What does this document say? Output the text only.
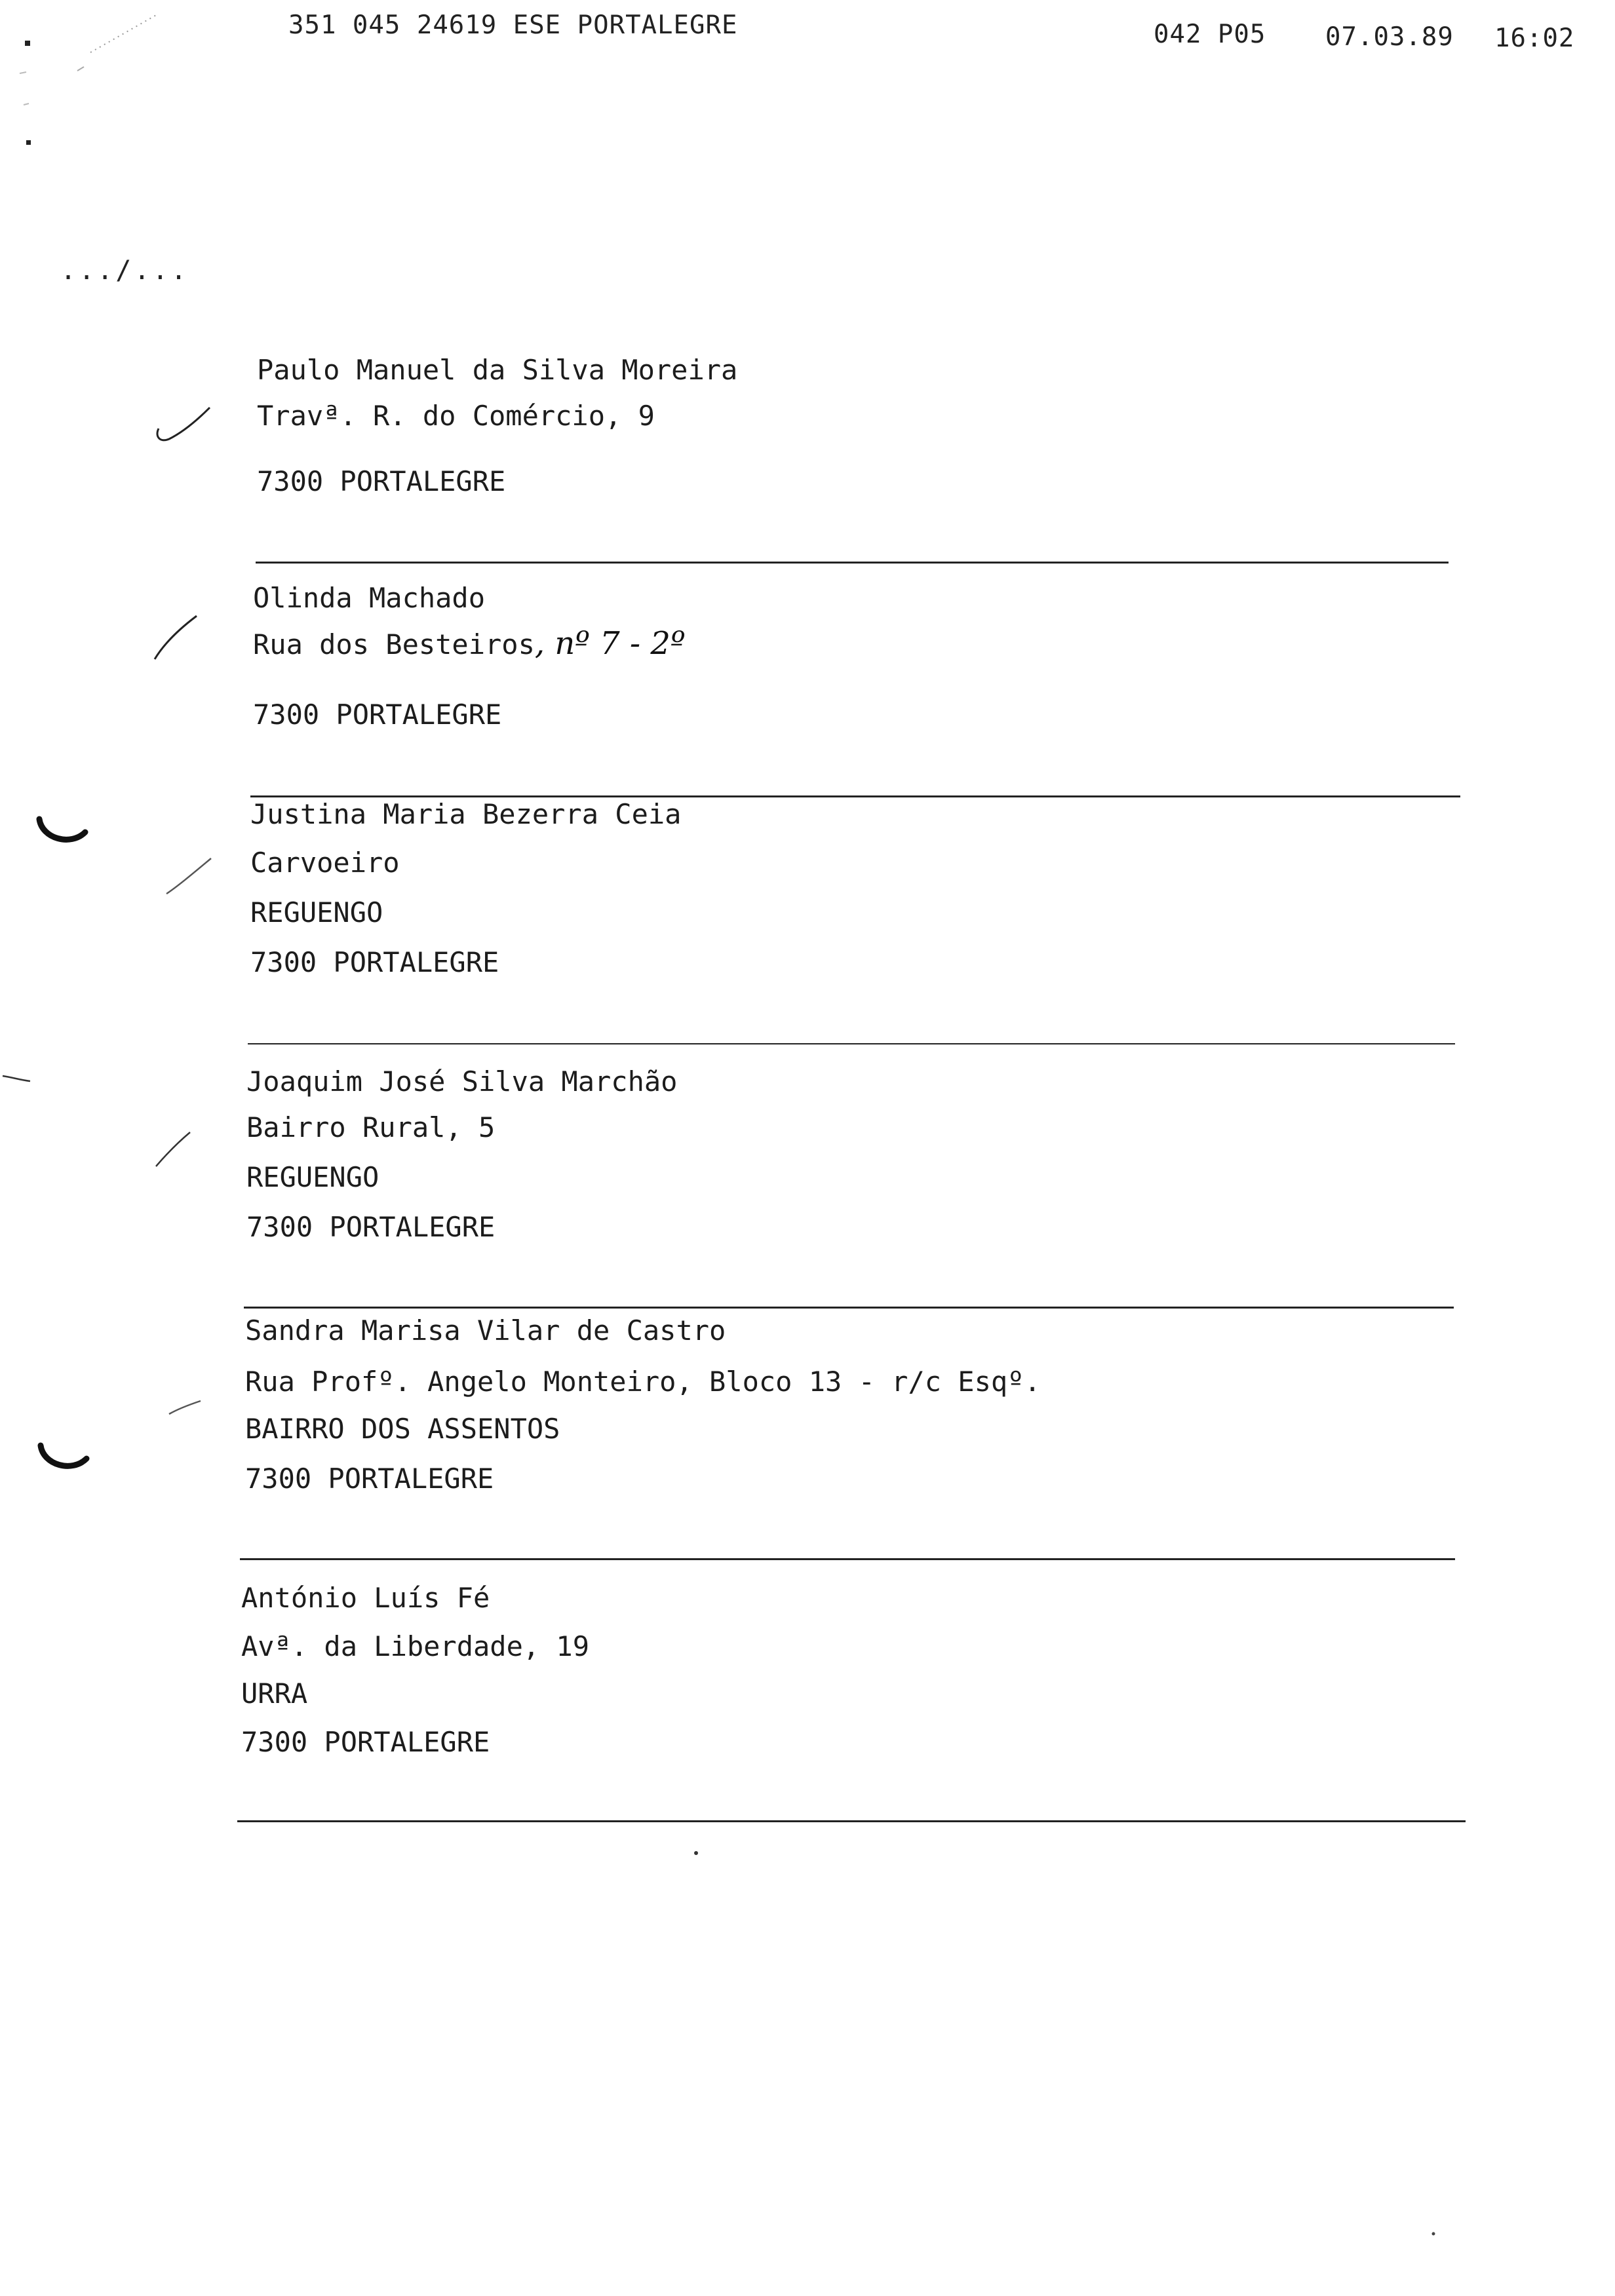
351 045 24619 ESE PORTALEGRE	042 P05 07.03.89 16:02
.../...
Paulo Manuel da Silva Moreira
Travª. R. do Comércio, 9
7300 PORTALEGRE
Olinda Machado
Rua dos Besteiros, nº 7 - 2º
7300 PORTALEGRE
Justina Maria Bezerra Ceia
Carvoeiro
REGUENGO
7300 PORTALEGRE
Joaquim José Silva Marchão
Bairro Rural, 5
REGUENGO
7300 PORTALEGRE
Sandra Marisa Vilar de Castro
Rua Profº. Angelo Monteiro, Bloco 13 - r/c Esqº.
BAIRRO DOS ASSENTOS
7300 PORTALEGRE
António Luís Fé
Avª. da Liberdade, 19
URRA
7300 PORTALEGRE
